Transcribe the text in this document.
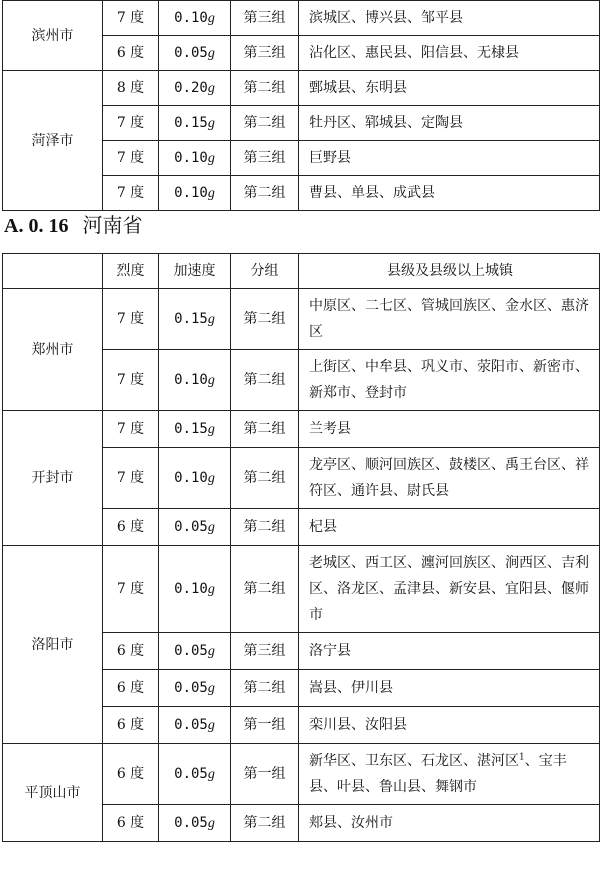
滨州市	7 度	0.10g	第三组	滨城区、博兴县、邹平县
	6 度	0.05g	第三组	沾化区、惠民县、阳信县、无棣县
菏泽市	8 度	0.20g	第二组	鄄城县、东明县
	7 度	0.15g	第二组	牡丹区、郓城县、定陶县
	7 度	0.10g	第三组	巨野县
	7 度	0.10g	第二组	曹县、单县、成武县
A. 0. 16 河南省
	烈度	加速度	分组	县级及县级以上城镇
郑州市	7 度	0.15g	第二组	中原区、二七区、管城回族区、金水区、惠济区
	7 度	0.10g	第二组	上街区、中牟县、巩义市、荥阳市、新密市、新郑市、登封市
开封市	7 度	0.15g	第二组	兰考县
	7 度	0.10g	第二组	龙亭区、顺河回族区、鼓楼区、禹王台区、祥符区、通许县、尉氏县
	6 度	0.05g	第二组	杞县
洛阳市	7 度	0.10g	第二组	老城区、西工区、瀍河回族区、涧西区、吉利区、洛龙区、孟津县、新安县、宜阳县、偃师市
	6 度	0.05g	第三组	洛宁县
	6 度	0.05g	第二组	嵩县、伊川县
	6 度	0.05g	第一组	栾川县、汝阳县
平顶山市	6 度	0.05g	第一组	新华区、卫东区、石龙区、湛河区$^1$、宝丰县、叶县、鲁山县、舞钢市
	6 度	0.05g	第二组	郏县、汝州市
